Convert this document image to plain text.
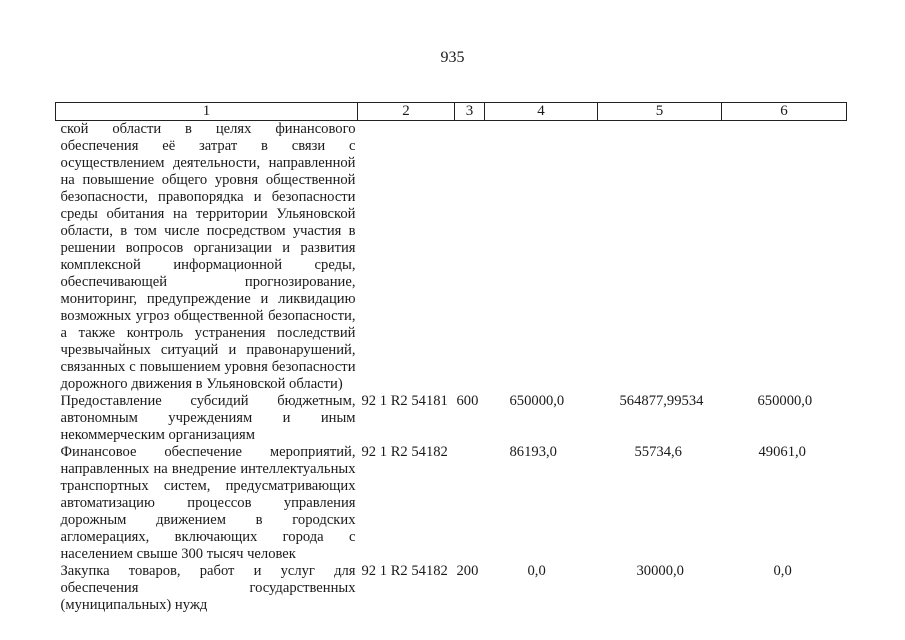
935
1	2	3	4	5	6
ской области в целях финансового обеспечения её затрат в связи с осуществлением деятельности, направленной на повышение общего уровня общественной безопасности, правопорядка и безопасности среды обитания на территории Ульяновской области, в том числе посредством участия в решении вопросов организации и развития комплексной информационной среды, обеспечивающей прогнозирование, мониторинг, предупреждение и ликвидацию возможных угроз общественной безопасности, а также контроль устранения последствий чрезвычайных ситуаций и правонарушений, связанных с повышением уровня безопасности дорожного движения в Ульяновской области)					
Предоставление субсидий бюджетным, автономным учреждениям и иным некоммерческим организациям	92 1 R2 54181	600	650000,0	564877,99534	650000,0
Финансовое обеспечение мероприятий, направленных на внедрение интеллектуальных транспортных систем, предусматривающих автоматизацию процессов управления дорожным движением в городских агломерациях, включающих города с населением свыше 300 тысяч человек	92 1 R2 54182		86193,0	55734,6	49061,0
Закупка товаров, работ и услуг для обеспечения государственных (муниципальных) нужд	92 1 R2 54182	200	0,0	30000,0	0,0
